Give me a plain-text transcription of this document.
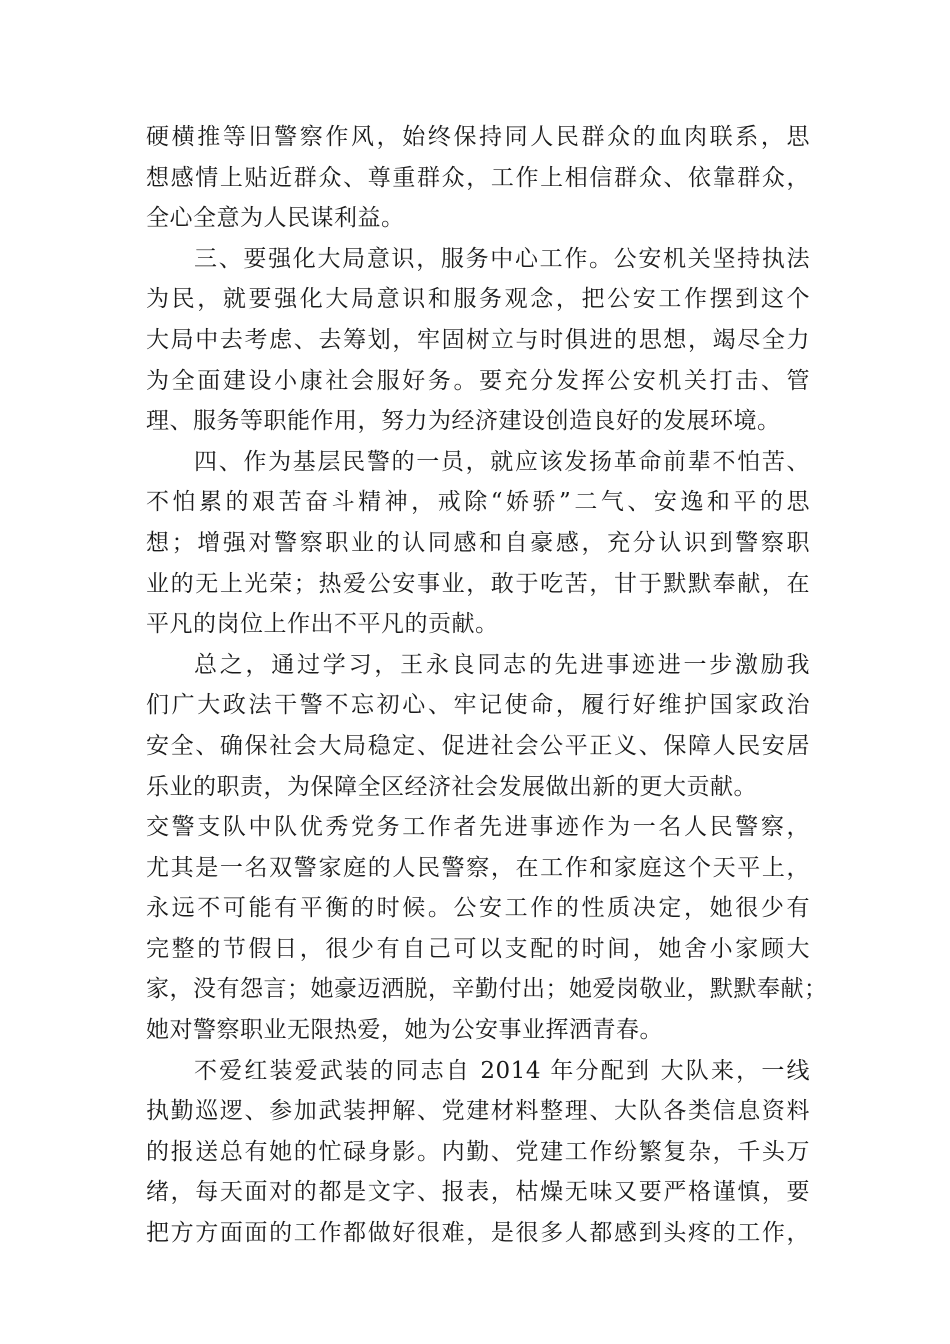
硬横推等旧警察作风，始终保持同人民群众的血肉联系，思
想感情上贴近群众、尊重群众，工作上相信群众、依靠群众，
全心全意为人民谋利益。
三、要强化大局意识，服务中心工作。公安机关坚持执法
为民，就要强化大局意识和服务观念，把公安工作摆到这个
大局中去考虑、去筹划，牢固树立与时俱进的思想，竭尽全力
为全面建设小康社会服好务。要充分发挥公安机关打击、管
理、服务等职能作用，努力为经济建设创造良好的发展环境。
四、作为基层民警的一员，就应该发扬革命前辈不怕苦、
不怕累的艰苦奋斗精神，戒除“娇骄”二气、安逸和平的思
想；增强对警察职业的认同感和自豪感，充分认识到警察职
业的无上光荣；热爱公安事业，敢于吃苦，甘于默默奉献，在
平凡的岗位上作出不平凡的贡献。
总之，通过学习，王永良同志的先进事迹进一步激励我
们广大政法干警不忘初心、牢记使命，履行好维护国家政治
安全、确保社会大局稳定、促进社会公平正义、保障人民安居
乐业的职责，为保障全区经济社会发展做出新的更大贡献。
交警支队中队优秀党务工作者先进事迹作为一名人民警察，
尤其是一名双警家庭的人民警察，在工作和家庭这个天平上，
永远不可能有平衡的时候。公安工作的性质决定，她很少有
完整的节假日，很少有自己可以支配的时间，她舍小家顾大
家，没有怨言；她豪迈洒脱，辛勤付出；她爱岗敬业，默默奉献；
她对警察职业无限热爱，她为公安事业挥洒青春。
不爱红装爱武装的同志自 2014 年分配到 大队来，一线
执勤巡逻、参加武装押解、党建材料整理、大队各类信息资料
的报送总有她的忙碌身影。内勤、党建工作纷繁复杂，千头万
绪，每天面对的都是文字、报表，枯燥无味又要严格谨慎，要
把方方面面的工作都做好很难，是很多人都感到头疼的工作，
